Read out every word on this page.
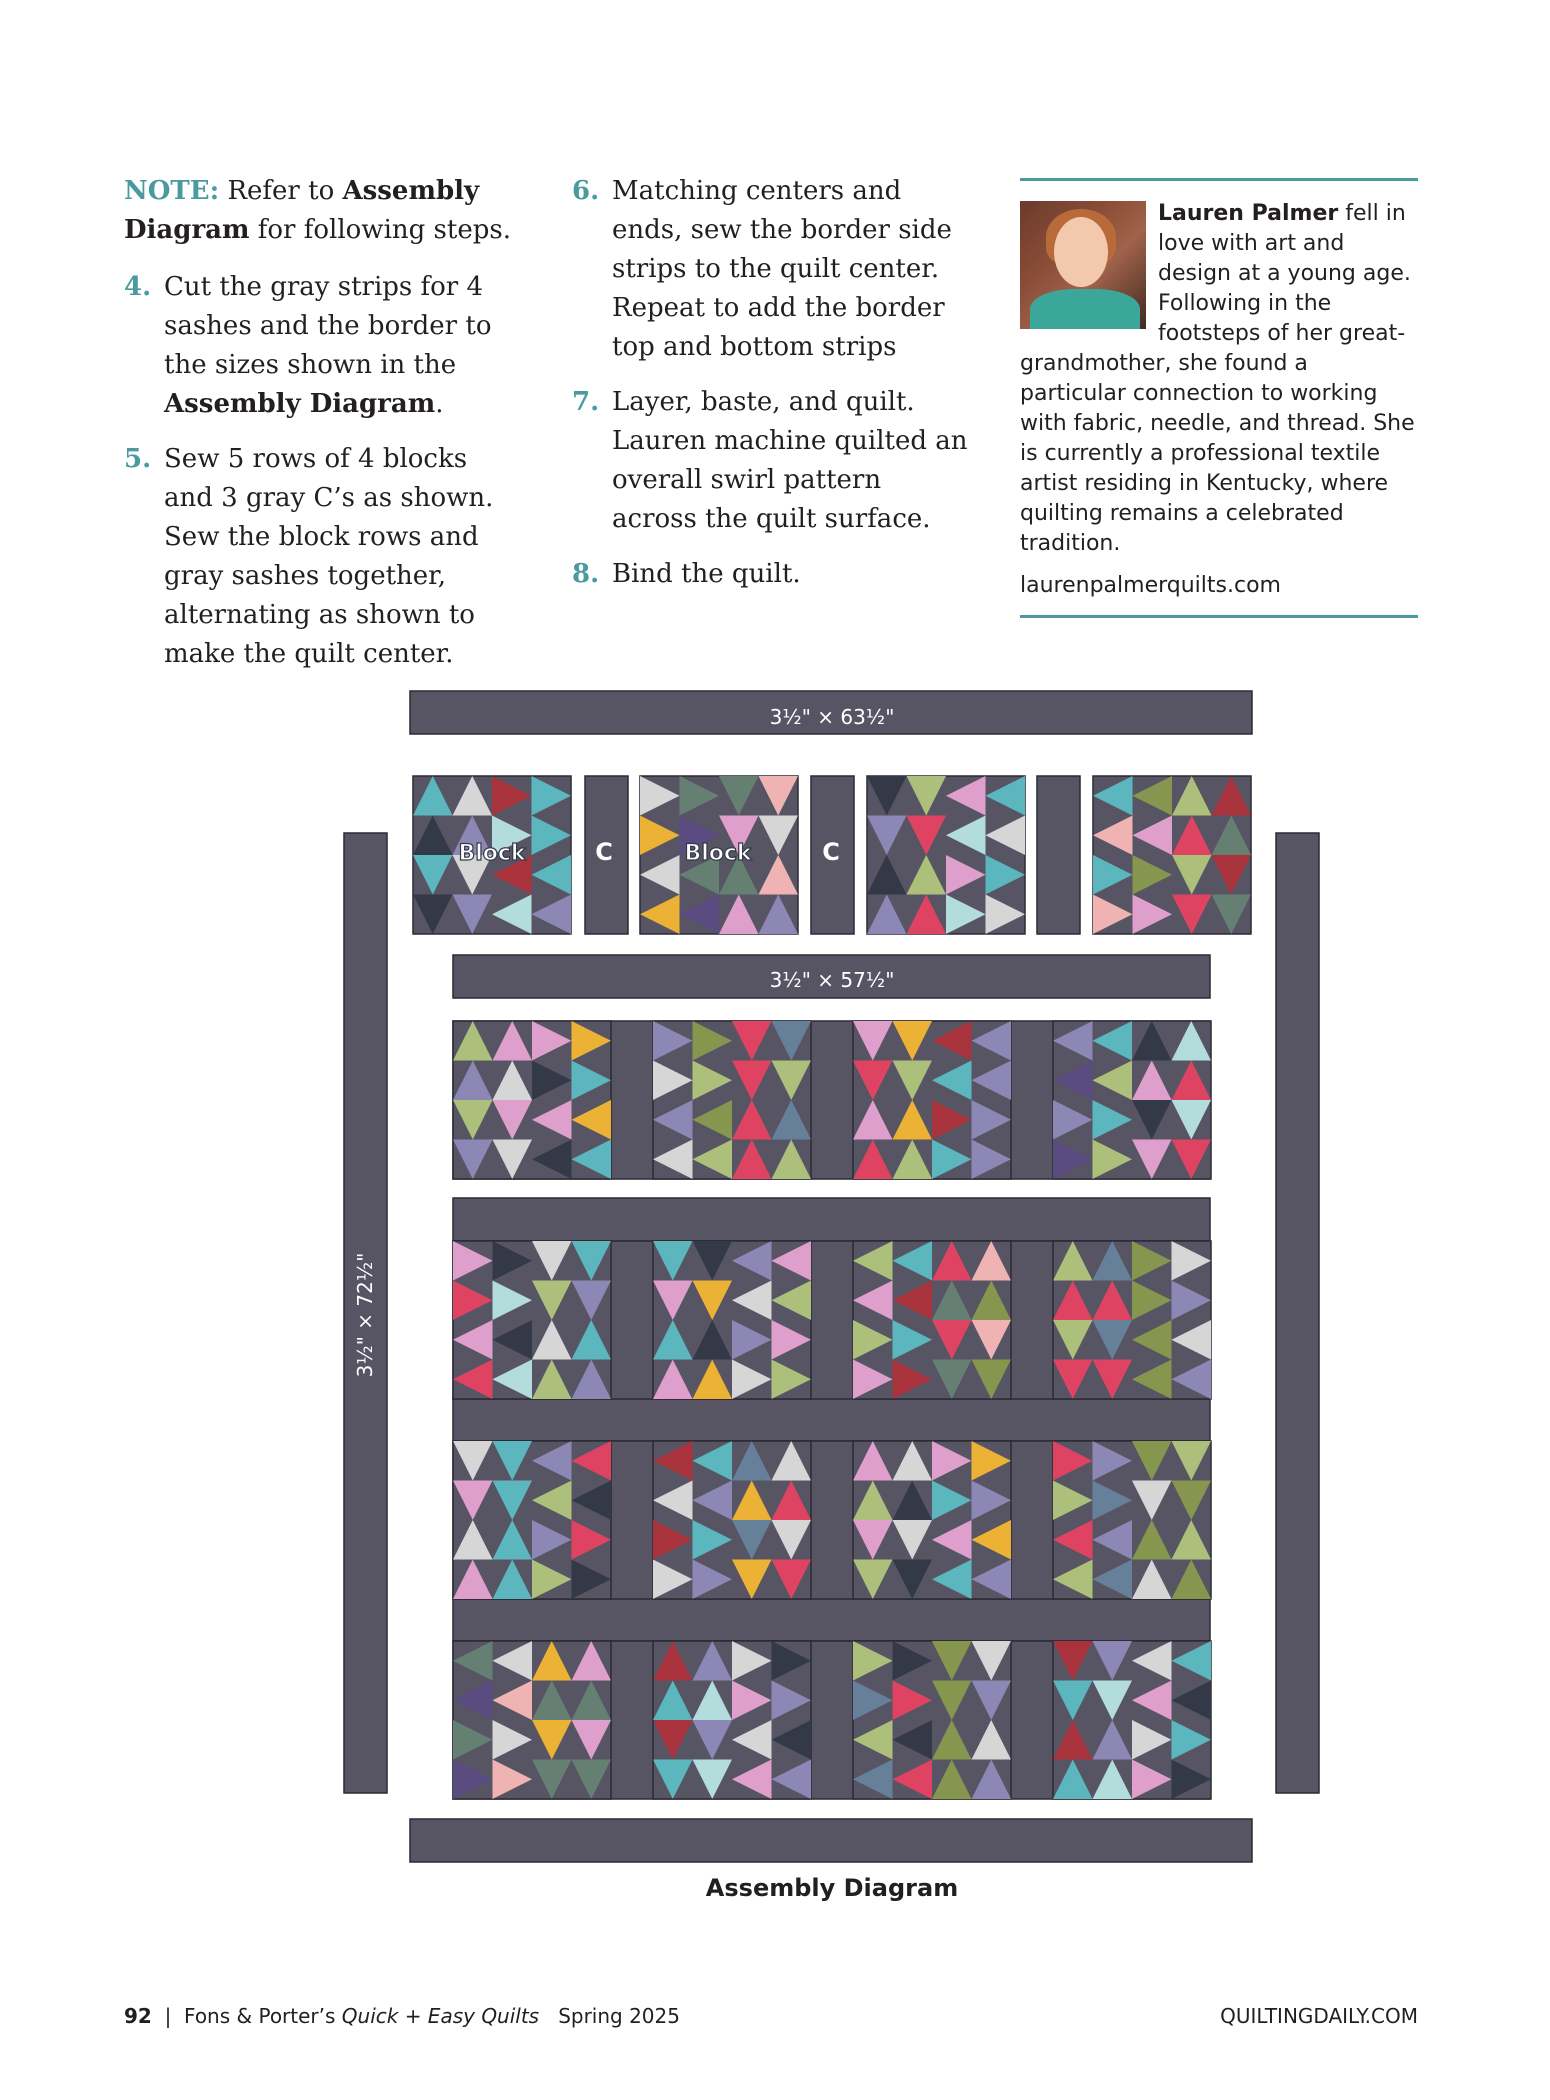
NOTE: Refer to Assembly Diagram for following steps.

4. Cut the gray strips for 4 sashes and the border to the sizes shown in the Assembly Diagram.
5. Sew 5 rows of 4 blocks and 3 gray C’s as shown. Sew the block rows and gray sashes together, alternating as shown to make the quilt center.
6. Matching centers and ends, sew the border side strips to the quilt center. Repeat to add the border top and bottom strips
7. Layer, baste, and quilt. Lauren machine quilted an overall swirl pattern across the quilt surface.
8. Bind the quilt.
Lauren Palmer fell in love with art and design at a young age. Following in the footsteps of her great-grandmother, she found a particular connection to working with fabric, needle, and thread. She is currently a professional textile artist residing in Kentucky, where quilting remains a celebrated tradition.
laurenpalmerquilts.com
3½" × 63½"
3½" × 57½"
3½" × 72½"
Block	Block
C	C
Assembly Diagram
92 | Fons & Porter’s Quick + Easy Quilts Spring 2025	QUILTINGDAILY.COM
